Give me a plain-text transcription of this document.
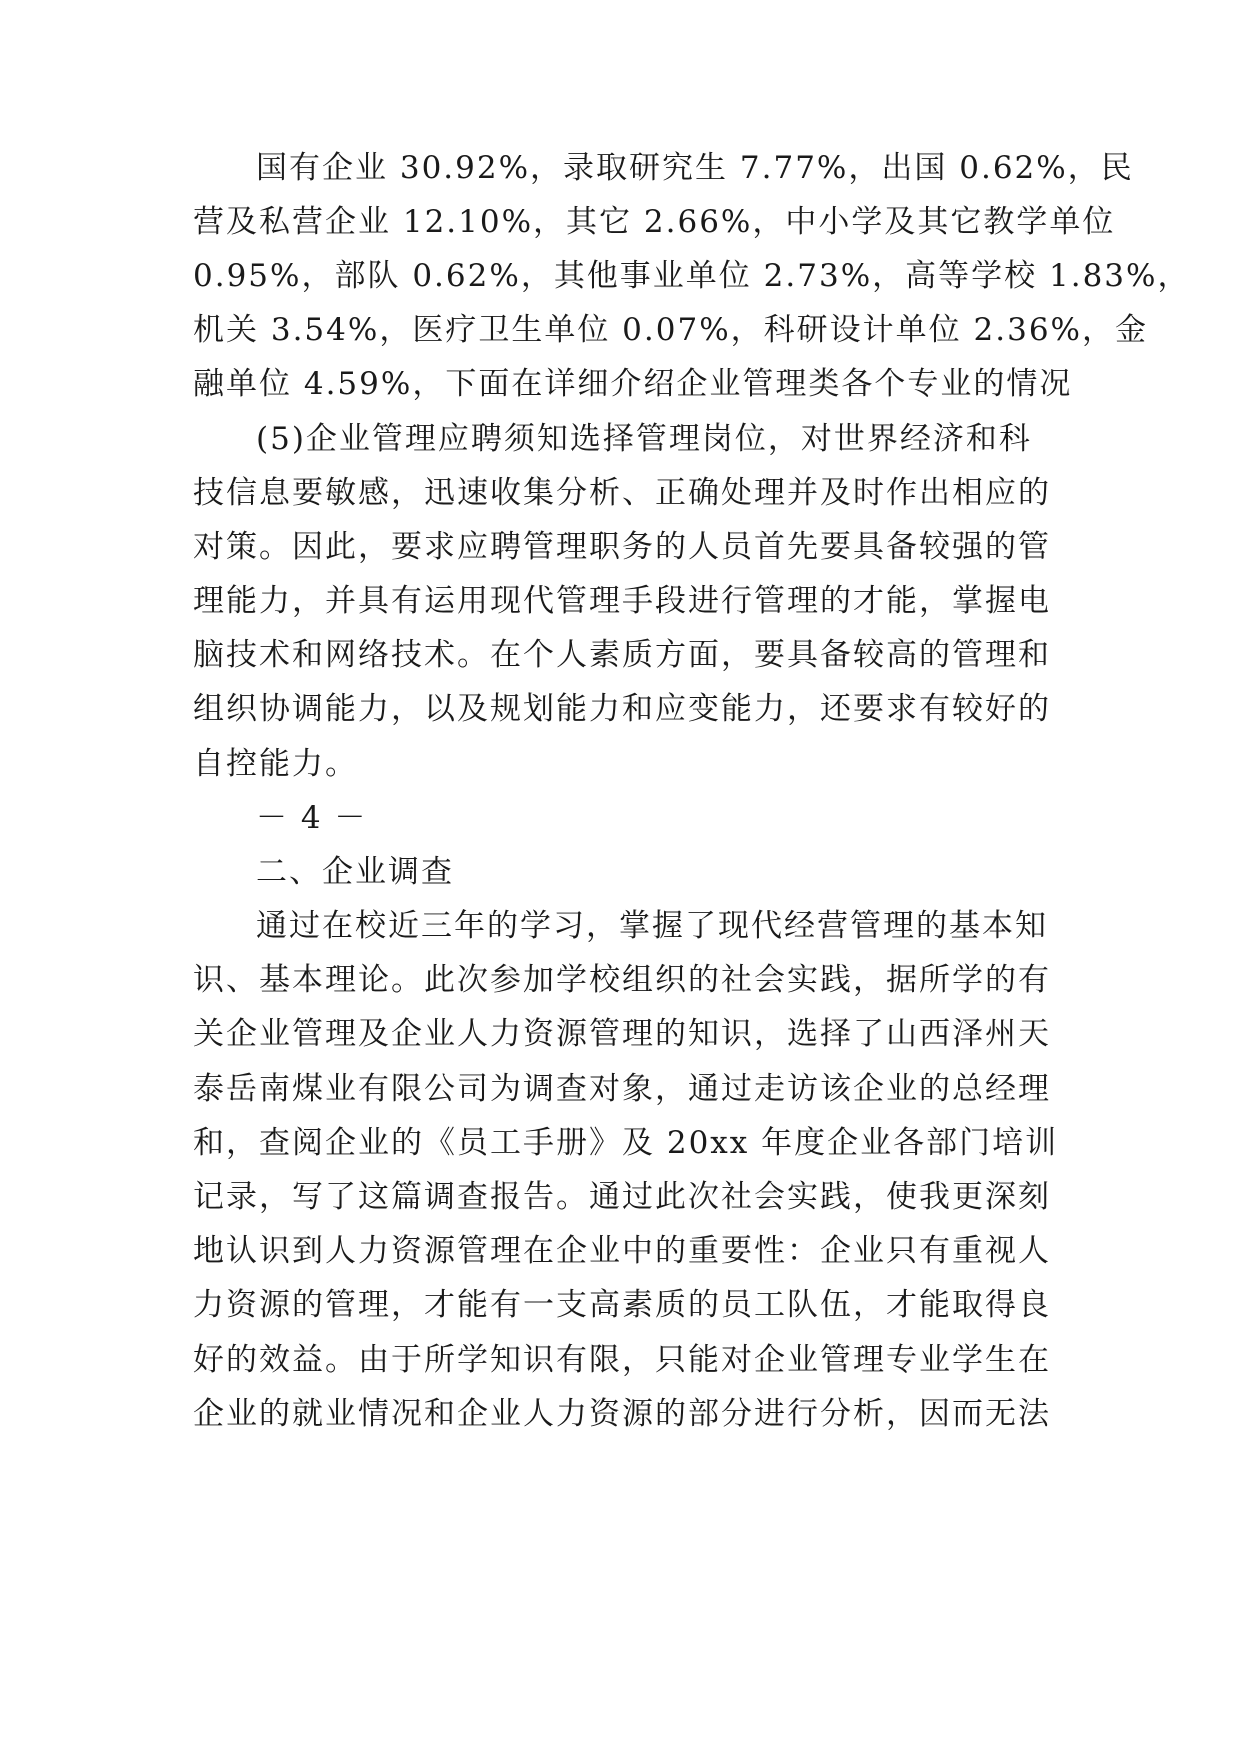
国有企业 30.92%，录取研究生 7.77%，出国 0.62%，民
营及私营企业 12.10%，其它 2.66%，中小学及其它教学单位
0.95%，部队 0.62%，其他事业单位 2.73%，高等学校 1.83%，
机关 3.54%，医疗卫生单位 0.07%，科研设计单位 2.36%，金
融单位 4.59%，下面在详细介绍企业管理类各个专业的情况
(5)企业管理应聘须知选择管理岗位，对世界经济和科
技信息要敏感，迅速收集分析、正确处理并及时作出相应的
对策。因此，要求应聘管理职务的人员首先要具备较强的管
理能力，并具有运用现代管理手段进行管理的才能，掌握电
脑技术和网络技术。在个人素质方面，要具备较高的管理和
组织协调能力，以及规划能力和应变能力，还要求有较好的
自控能力。
－ 4 －
二、企业调查
通过在校近三年的学习，掌握了现代经营管理的基本知
识、基本理论。此次参加学校组织的社会实践，据所学的有
关企业管理及企业人力资源管理的知识，选择了山西泽州天
泰岳南煤业有限公司为调查对象，通过走访该企业的总经理
和，查阅企业的《员工手册》及 20xx 年度企业各部门培训
记录，写了这篇调查报告。通过此次社会实践，使我更深刻
地认识到人力资源管理在企业中的重要性：企业只有重视人
力资源的管理，才能有一支高素质的员工队伍，才能取得良
好的效益。由于所学知识有限，只能对企业管理专业学生在
企业的就业情况和企业人力资源的部分进行分析，因而无法
